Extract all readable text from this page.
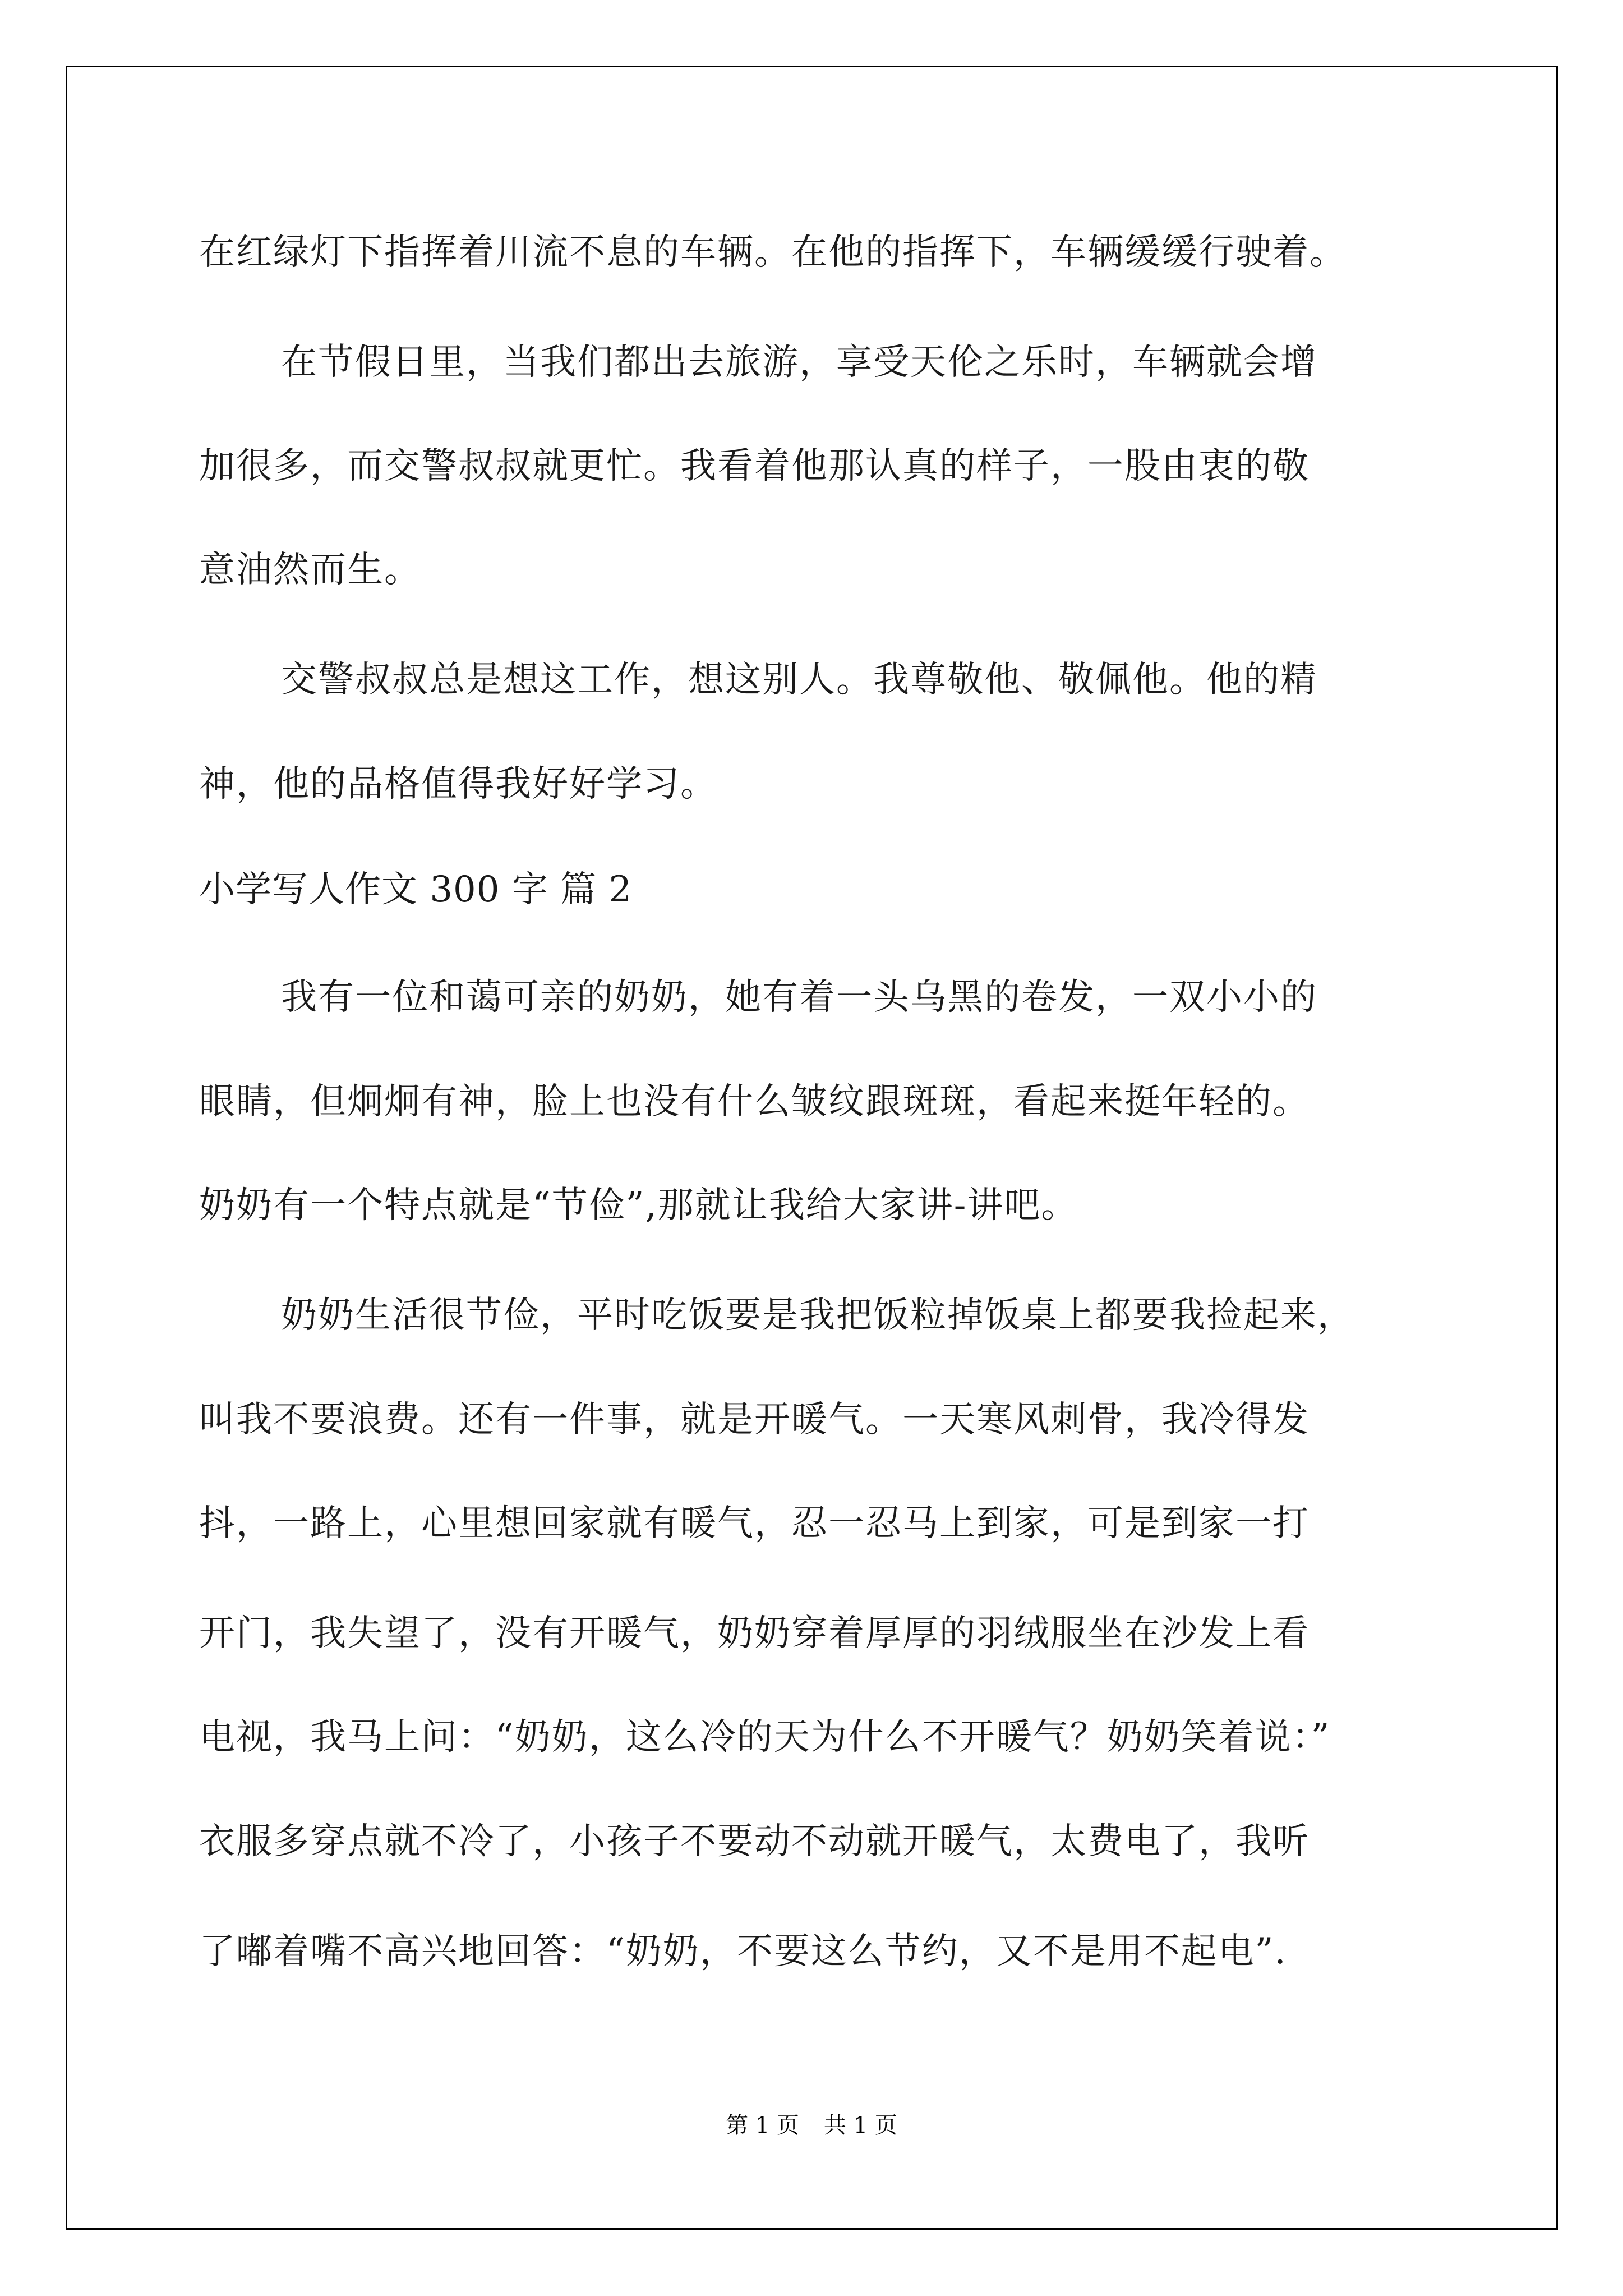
在红绿灯下指挥着川流不息的车辆。在他的指挥下，车辆缓缓行驶着。
在节假日里，当我们都出去旅游，享受天伦之乐时，车辆就会增
加很多，而交警叔叔就更忙。我看着他那认真的样子，一股由衷的敬
意油然而生。
交警叔叔总是想这工作，想这别人。我尊敬他、敬佩他。他的精
神，他的品格值得我好好学习。
小学写人作文 300 字 篇 2
我有一位和蔼可亲的奶奶，她有着一头乌黑的卷发，一双小小的
眼睛，但炯炯有神，脸上也没有什么皱纹跟斑斑，看起来挺年轻的。
奶奶有一个特点就是“节俭”,那就让我给大家讲-讲吧。
奶奶生活很节俭，平时吃饭要是我把饭粒掉饭桌上都要我捡起来，
叫我不要浪费。还有一件事，就是开暖气。一天寒风刺骨，我冷得发
抖，一路上，心里想回家就有暖气，忍一忍马上到家，可是到家一打
开门，我失望了，没有开暖气，奶奶穿着厚厚的羽绒服坐在沙发上看
电视，我马上问：“奶奶，这么冷的天为什么不开暖气？奶奶笑着说：”
衣服多穿点就不冷了，小孩子不要动不动就开暖气，太费电了，我听
了嘟着嘴不高兴地回答：“奶奶，不要这么节约，又不是用不起电”.
第 1 页 共 1 页
